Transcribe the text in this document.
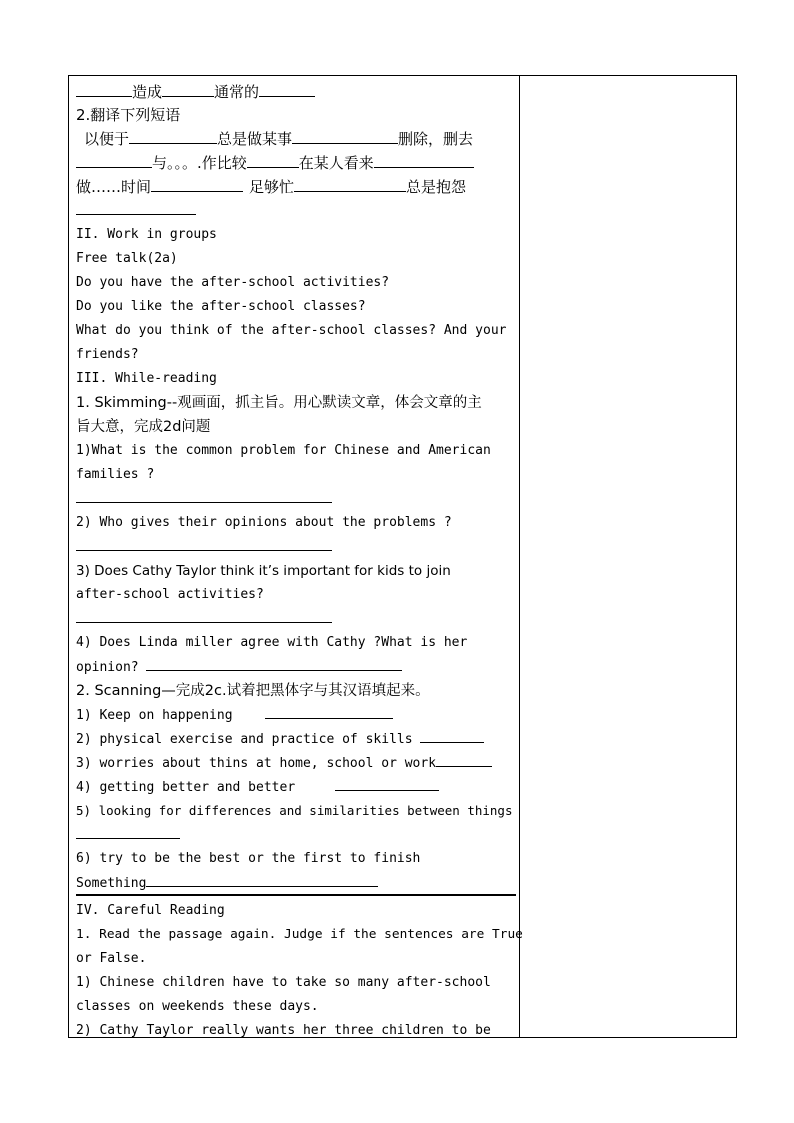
造成	通常的
2.翻译下列短语
以便于	总是做某事	删除，删去
与。。。.作比较	在某人看来
做……时间	足够忙	总是抱怨
II. Work in groups
Free talk(2a)
Do you have the after-school activities?
Do you like the after-school classes?
What do you think of the after-school classes? And your
friends?
III. While-reading
1. Skimming--观画面，抓主旨。用心默读文章，体会文章的主
旨大意，完成2d问题
1)What is the common problem for Chinese and American
families ?
2) Who gives their opinions about the problems ?
3) Does Cathy Taylor think it’s important for kids to join
after-school activities?
4) Does Linda miller agree with Cathy ?What is her
opinion?
2. Scanning—完成2c.试着把黑体字与其汉语填起来。
1) Keep on happening
2) physical exercise and practice of skills
3) worries about thins at home, school or work
4) getting better and better
5) looking for differences and similarities between things
6) try to be the best or the first to finish
Something
IV. Careful Reading
1. Read the passage again. Judge if the sentences are True
or False.
1) Chinese children have to take so many after-school
classes on weekends these days.
2) Cathy Taylor really wants her three children to be
